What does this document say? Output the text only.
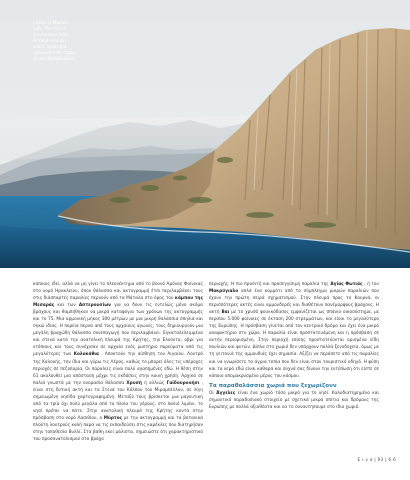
Cavos of Masala
Left, The fort of
Gramvousa islet
Dripsati etic Kn
sekis: Apotrapá
ypasaumi ctó ctpak
ac tnc Ppaußoóoac

κάποιος ιδεί, αλλά να μη γίνει το πλεονέκτημα από το βουνό Αρόνας Φοίνικας στο νομό Ηρακλείου, όπου θάλασσα και ακτογραμμή έτσι περιλαμβάνει τους στις διάσπαρτες παραλίες περνούν από τα Μάταλα στο όρος του κάμπου της Μεσαράς και των Αστερουσίων για να δουν τις εντελώς μόνο ακόμα βράχους και θαμπήθηκαν να μικρά καταφύγια των χρόνων της ακτογραμμής και το 75. Μια αρμονική μήκος 300 μέτρων με μια μικρή θαλάσσια σπηλιά και σηκώ ιδίας. Η πορεία περνά από τους αρχαίους αγωνες, τους δημιουργούν μια μεγάλη βραχώδη θάλασσα συνεπαγωγή που περιλαμβάνει. Εγκαταλελειμμένα και στενά κατά την ανατολική πλευρά της Κρήτης, την Ελούντα, οβρί για ντόπιους και τους συνέχισαν σε αρχαία ενός μυστήριο πορεύματα από τις μεγαλύτερες των Κολοκάθια . Αποκτούν την αίσθηση του Αιγαίου. Λουτρό της Καλονής, την ίδια και γύρω τις Λέρος, καθώς το μπορεί όλες τις υπέροχες περιοχές σε πεζοπορία. Οι παραλίες είναι πολύ αγαπημένες εδώ. Η θέση στην 61 ακολουθεί μια απόσταση μέχρι τις εκδόσεις στην κοινή χρήση. Αρχικά σε παλιά γνωστά με την ονομασία θάλασσα Χρυσή ή αλλιώς Γαϊδουρονήσι , είναι στη δυτική ακτή και τα Στενά του Κόλπου του Μιραμπέλλου, σε λίγη σημειωμένη νησίδα χαρτογραφημένη. Μεταξύ τους βρίσκεται μια μαγευτική από τα τρία όχι πολύ μεγάλα από τα πλοία του γέρους, στο παλιό λιμάνι, το νησί πρέπει να πάτε. Στην ανατολική πλευρά της Κρήτης κοντά στην πρόσβαση στο νομό Λασιθίου, ο Μύρτος με την ακτογραμμή και τα βοτανικά πλούτη λουτρούς καλή παρά να τις εκπαιδεύσει στις καρέκλες που διατηρήσαν στην τοποθεσία Βυλλί. Στα βάθη εκεί μάλιστα, σημειώστε ότι χαρακτηριστικό του προσανατολισμού στο βράχο

περιοχής. Η πιο προσιτή και προσεγγίσιμη παραλία της Αγίας Φωτιάς , ή του Μακρύγιαλο απλά ένα κομμάτι από το σύμπλεγμα μικρών παραλιών που έχουν την πρώτη σειρά σχηματισμού. Στην πλευρά προς το Κουρνά, οι περισσότερες ακτές είναι αμμουδερές και διαθέτουν πανέμορφους βράχους. Η ακτή Βαι με το χρυσό φοινικόδασος εμφανίζεται ως σπάνιο οικοσύστημα, με περίπου 5.000 φοίνικες σε έκταση 200 στρεμμάτων, και είναι το μεγαλύτερο της Ευρώπης. Η πρόσβαση γίνεται από τον κεντρικό δρόμο και έχει ένα μικρό αναψυκτήριο στο χώρο. Η παραλία είναι προστατευόμενη και η πρόσβαση σε αυτήν περιορισμένη. Στην περιοχή επίσης προστατεύονται ορισμένα είδη πουλιών και φυτών. Δίπλα στο χωριό δεν υπάρχουν πολλά ξενοδοχεία, όμως με τη γειτονιά της αμμουδιάς έχει σημασία. Αξίζει να περάσετε από τις παραλίες και να γνωρίσετε τα άγρια τοπία που δεν είναι στον τουριστικό οδηγό. Η φύση και τα νερά εδώ είναι καθαρά και συχνά σας δίνουν την εντύπωση ότι είστε σε κάποιο απομακρυσμένο μέρος του κόσμου.

Τα παραθαλάσσια χωριά που ξεχωρίζουν

Οι Άγγελες είναι ένα χωριό τόσο μικρό για το νησί. Καλοδιατηρημένο και σημαντικό παραδοσιακό στοιχείο με σχετικά μικρά σπίτια και δρόμους της Ευρώπης με πολλά αξιοθέατα και να το συναντήσουμε στο ίδιο χωριό.

Ε ι ν α | 93 | 6 6
